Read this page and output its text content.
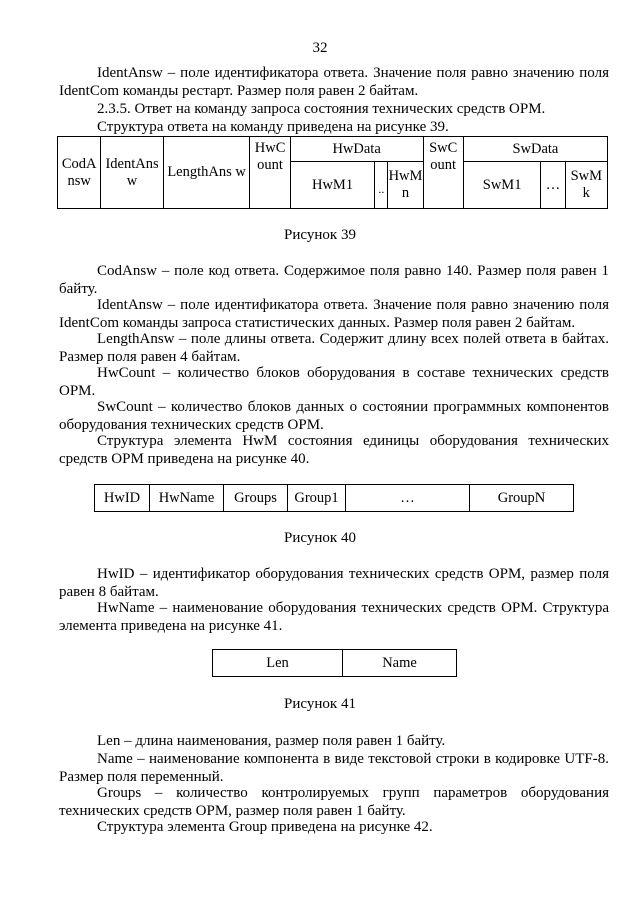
32
IdentAnsw – поле идентификатора ответа. Значение поля равно значению поля IdentCom команды рестарт. Размер поля равен 2 байтам.
2.3.5. Ответ на команду запроса состояния технических средств ОРМ.
Структура ответа на команду приведена на рисунке 39.
CodA nsw	IdentAns w	LengthAns w	HwC ount	HwData			SwC ount	SwData		
				HwM1	..	HwM n		SwM1	…	SwM k
Рисунок 39
CodAnsw – поле код ответа. Содержимое поля равно 140. Размер поля равен 1 байту.
IdentAnsw – поле идентификатора ответа. Значение поля равно значению поля IdentCom команды запроса статистических данных. Размер поля равен 2 байтам.
LengthAnsw – поле длины ответа. Содержит длину всех полей ответа в байтах. Размер поля равен 4 байтам.
HwCount – количество блоков оборудования в составе технических средств ОРМ.
SwCount – количество блоков данных о состоянии программных компонентов оборудования технических средств ОРМ.
Структура элемента HwM состояния единицы оборудования технических средств ОРМ приведена на рисунке 40.
HwID	HwName	Groups	Group1	…	GroupN
Рисунок 40
HwID – идентификатор оборудования технических средств ОРМ, размер поля равен 8 байтам.
HwName – наименование оборудования технических средств ОРМ. Структура элемента приведена на рисунке 41.
Len	Name
Рисунок 41
Len – длина наименования, размер поля равен 1 байту.
Name – наименование компонента в виде текстовой строки в кодировке UTF-8. Размер поля переменный.
Groups – количество контролируемых групп параметров оборудования технических средств ОРМ, размер поля равен 1 байту.
Структура элемента Group приведена на рисунке 42.
